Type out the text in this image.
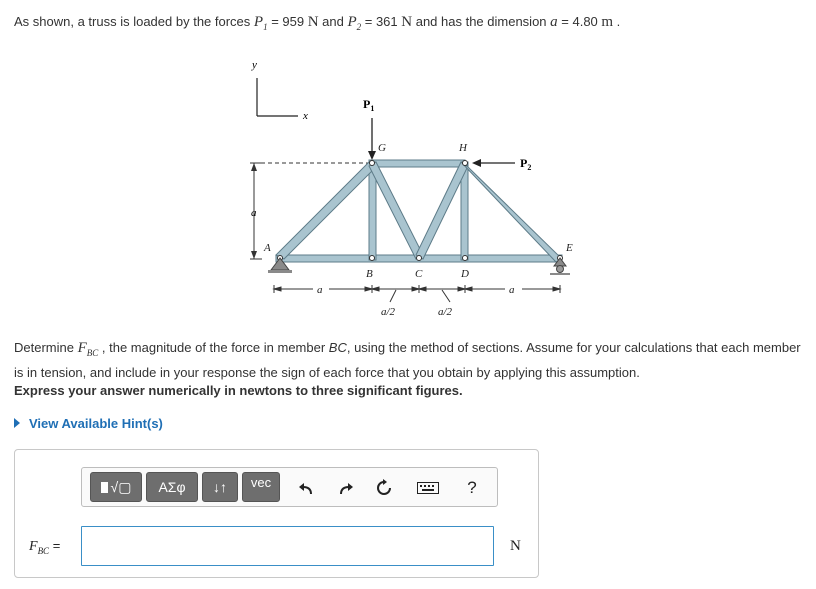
As shown, a truss is loaded by the forces $P_1 = 959$ N and $P_2 = 361$ N and has the dimension a = 4.80 m .
y
x
a
$P_1$
$P_2$
G	H
A
B	C	D
E
a	a
a/2	a/2
Determine $F_{BC}$ , the magnitude of the force in member BC, using the method of sections. Assume for your calculations that each member is in tension, and include in your response the sign of each force that you obtain by applying this assumption.
Express your answer numerically in newtons to three significant figures.
View Available Hint(s)
√▢	ΑΣφ	↓↑	vec	?
$F_{BC}$ =	N
